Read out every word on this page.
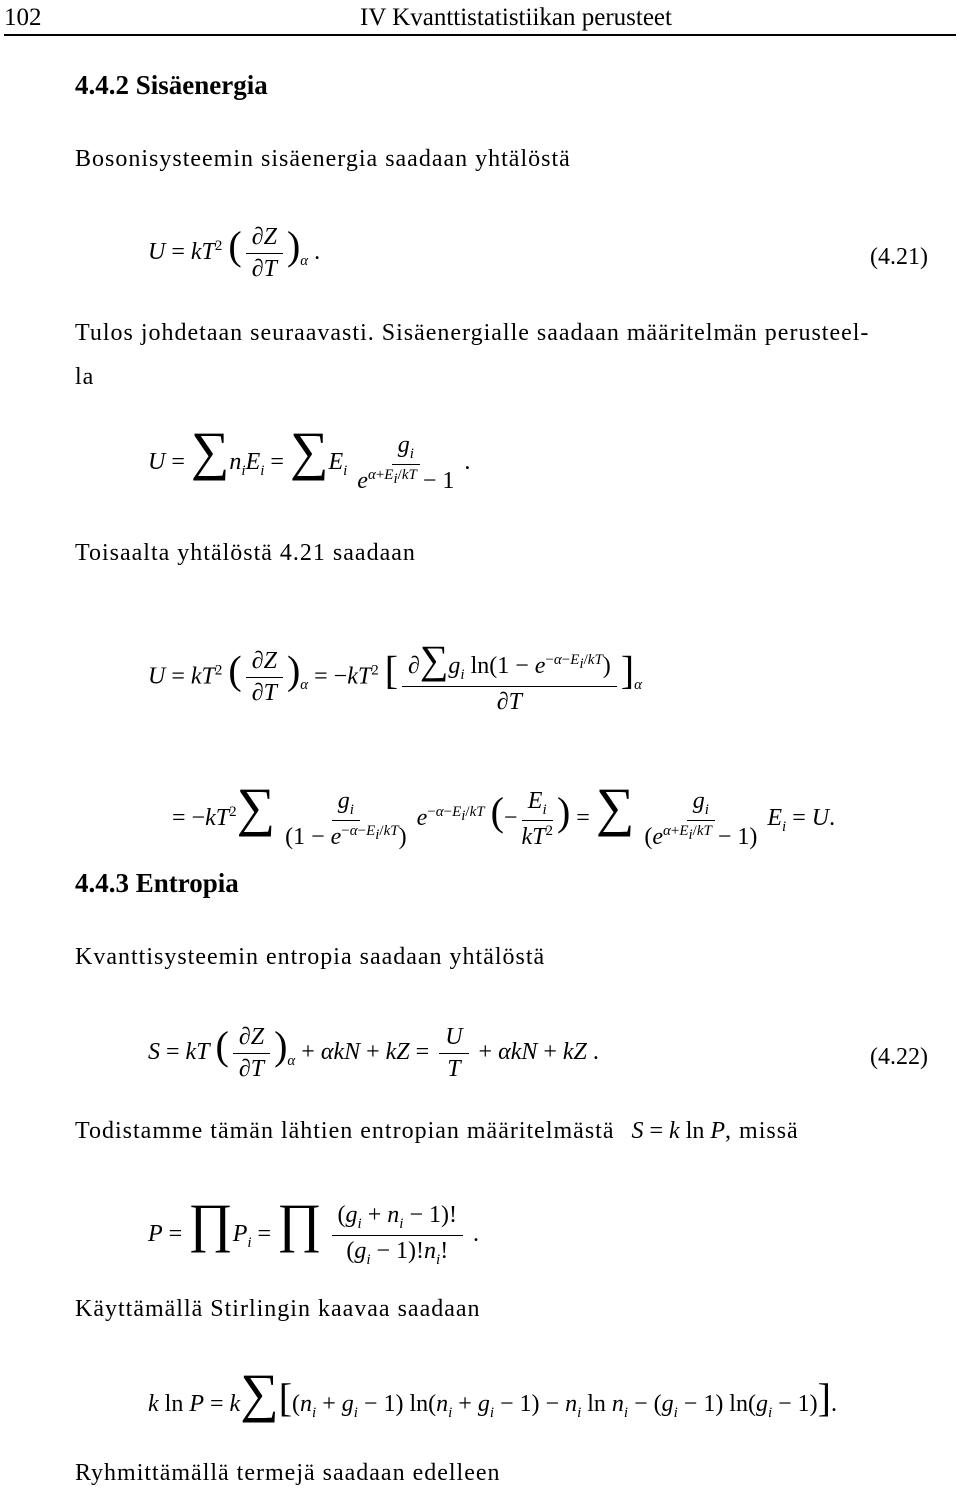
102	IV Kvanttistatistiikan perusteet
4.4.2 Sisäenergia
Bosonisysteemin sisäenergia saadaan yhtälöstä
$U = kT^2$ ( $\frac{\partial Z}{\partial T} )_\alpha$ .	(4.21)
Tulos johdetaan seuraavasti. Sisäenergialle saadaan määritelmän perusteel-
la
$U = \sum n_iE_i = \sum E_i \frac{g_i}{e^{\alpha+E_i/kT} - 1}$ .
Toisaalta yhtälöstä 4.21 saadaan
$U = kT^2$ ( $\frac{\partial Z}{\partial T} )_\alpha = -kT^2$ [ $\frac{\partial\sum g_i \ln(1 - e^{-\alpha-E_i/kT})}{\partial T} ]_\alpha$
= $-kT^2\sum \frac{g_i}{(1 - e^{-\alpha-E_i/kT})} e^{-\alpha-E_i/kT}$ (− $\frac{E_i}{kT^2}$ ) = ∑ $\frac{g_i}{(e^{\alpha+E_i/kT} - 1)} E_i = U$.
4.4.3 Entropia
Kvanttisysteemin entropia saadaan yhtälöstä
S = kT ( $\frac{\partial Z}{\partial T} )_\alpha + \alpha kN$ + kZ = $\frac{U}{T} + \alpha kN$ + kZ .	(4.22)
Todistamme tämän lähtien entropian määritelmästä S = k ln P, missä
$P = \prod P_i$ = ∏ $\frac{(g_i + n_i - 1)!}{(g_i - 1)!n_i!}$ .
Käyttämällä Stirlingin kaavaa saadaan
k $\ln P = k\sum[(n_i + g_i - 1) \ln(n_i + g_i - 1) - n_i$ $\ln n_i - (g_i - 1) \ln(g_i - 1)$].
Ryhmittämällä termejä saadaan edelleen
